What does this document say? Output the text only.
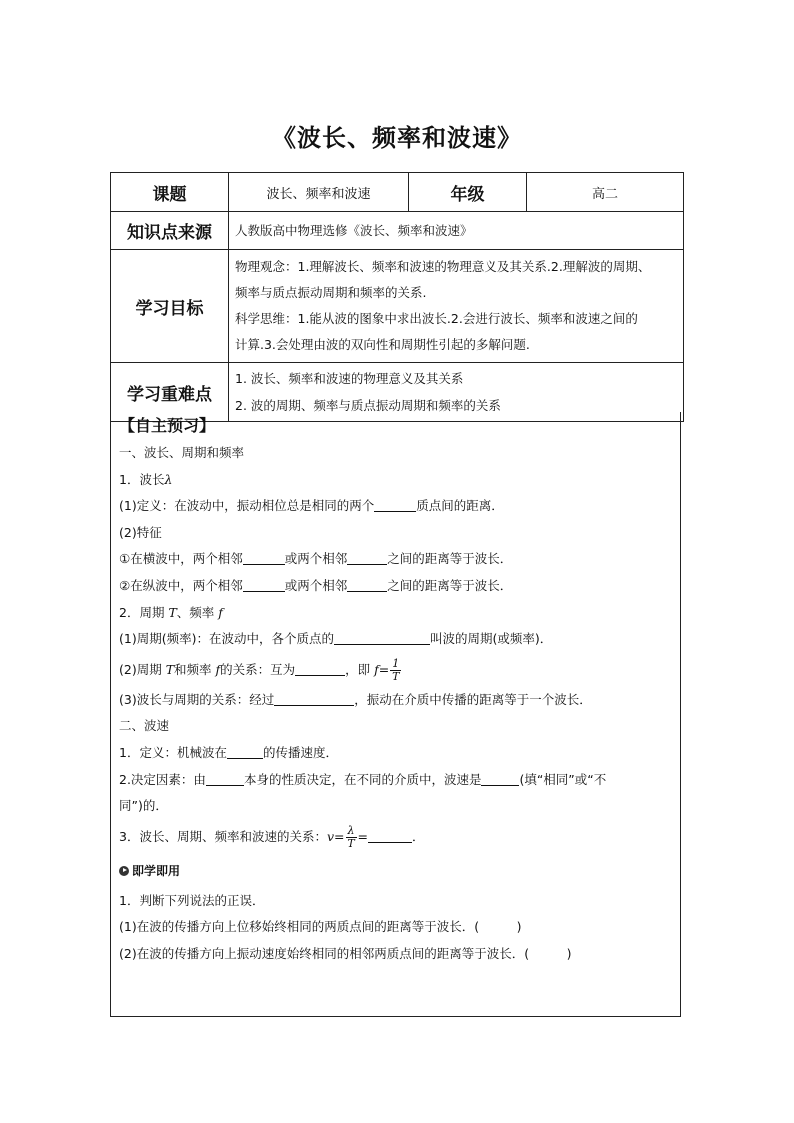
《波长、频率和波速》
课题	波长、频率和波速	年级	高二
知识点来源	人教版高中物理选修《波长、频率和波速》		
学习目标	物理观念：1.理解波长、频率和波速的物理意义及其关系.2.理解波的周期、
频率与质点振动周期和频率的关系.
科学思维：1.能从波的图象中求出波长.2.会进行波长、频率和波速之间的
计算.3.会处理由波的双向性和周期性引起的多解问题.		

学习重难点	1. 波长、频率和波速的物理意义及其关系
2. 波的周期、频率与质点振动周期和频率的关系		

【自主预习】

一、波长、周期和频率

1．波长λ

(1)定义：在波动中，振动相位总是相同的两个	质点间的距离．

(2)特征

①在横波中，两个相邻	或两个相邻	之间的距离等于波长．

②在纵波中，两个相邻	或两个相邻	之间的距离等于波长．

2．周期 T、频率 f

(1)周期(频率)：在波动中，各个质点的	叫波的周期(或频率)．

(2)周期 T和频率 f的关系：互为	，即 $f= \frac{1}{T}$

(3)波长与周期的关系：经过	，振动在介质中传播的距离等于一个波长．

二、波速

1．定义：机械波在	的传播速度．

2.决定因素：由	本身的性质决定，在不同的介质中，波速是	(填“相同”或“不

同”)的．

3．波长、周期、频率和波速的关系：$v= \frac{\lambda}{T}$ =	．

即学即用

1．判断下列说法的正误．

(1)在波的传播方向上位移始终相同的两质点间的距离等于波长．(　　　)

(2)在波的传播方向上振动速度始终相同的相邻两质点间的距离等于波长．(　　　)
